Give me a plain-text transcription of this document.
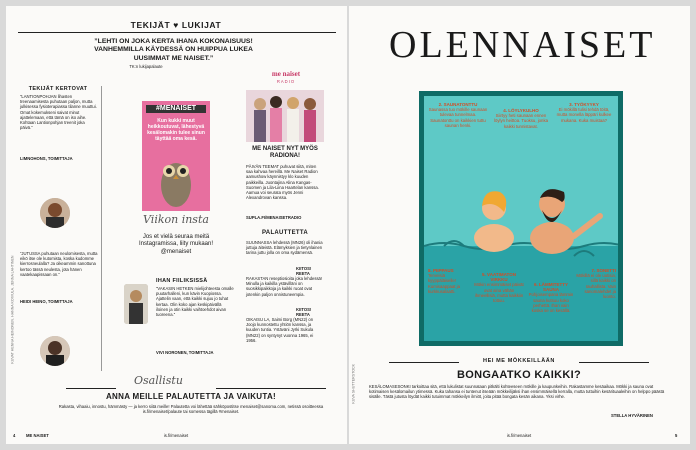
TEKIJÄT ♥ LUKIJAT
”LEHTI ON JOKA KERTA IHANA KOKONAISUUS! VANHEMMILLA KÄYDESSÄ ON HUIPPUA LUKEA UUSIMMAT ME NAISET.”
TK:n lukijapalaute
TEKIJÄT KERTOVAT
”LANTIONPOHJAN lihasten treenaamisesta puhutaan paljon, mutta julkisessa fysioterapiassa tilanne muuttui. Omat kokemukseni saivat minut ajattelemaan, että tämä on iso aihe. Kohtaan Lantionpohjan treenit joka päivä.”
LIMNOHONS, TOIMITTAJA
”JUTUSSA puhutaan neulomisesta, mutta eikö itse ole kutomista, koska kudomme kierrosneulalla? Ja oikeammin sanottuna kertoo tässä neulesta, jota hänen vaatekaapissaan on.”
HEIDI HEINO, TOIMITTAJA
#MENAISET
Kun kukki muut heikkoutuvat, lähestyvä kesälomakin tulee sinun täyttää oma kesä.
Viikon insta
Jos et vielä seuraa meitä Instagramissa, liity mukaan! @menaiset
IHAN FIILIKSISSÄ
”VAKASIN HETKEN mielijohteesta omalle puutarhalleni, kun kävin Kuopiossa. Ajattelin vaan, että kaikki sujuu jo tuhat kertaa. Olin koko ajan keskipäivällä iloinen ja otin kaikki vaihtoehdot aivan tuoreena.”
VIVI NORONEN, TOIMITTAJA
me naiset
RADIO
ME NAISET NYT MYÖS RADIONA!
PÄIVÄN TEEMAT puhuvat siitä, miten saa kahvaa hereillä. Me Naiset Radion aamushow käynnistyy klo kuuden paikkeilla. Juontajina Alina Kangas-Suomen ja Lila-Liina Haartelan kanssa. Aamua voi seurata myös Jenni Alexandrovan kanssa.
SUPLA.FI/MENAISETRADIO
PALAUTTETTA
SUUNNASSA lehdessä (MN26) oli ihania juttuja äiteistä. Elämyksien ja tietynlainen tarina juttu jolla on oma sydämensä.
KIITOS! REETA
RAKASTAN reseptiosioita joka lehdessä! Minulla ja kaikilla ystävilläni on suosikkipaikkoja ja kaikki ruoat ovat jotenkin paljon onnistuneempia.
KIITOS! REETA
OIKAISU LA, Saimi Borg (MN22) on Joojo kunnostettu yhtiön kanssa, ja kuuden tuntia. Ystäväni Jyrki Sukula (MN22) on syntynyt vuonna 1965, ei 1956.
Osallistu
ANNA MEILLE PALAUTETTA JA VAIKUTA!
Rakasta, vihaaiu, innostu, hämmästy — ja kerro siitä meille! Palautetta voi lähettää sähköpostitse menaiset@sanoma.com, netissä osoitteessa is.fi/menaiset/palaute tai somessa tägillä #menaiset.
KUVAT HENNA HEINONEN, HANNA KOIVULA, JENNA LAHTINEN
4	ME NAISET	is.fi/menaiset
OLENNAISET
2. SAUNATONTTU
Saunassa tuo mökille saunaan tulevaa tunnelmaa. Saunatonttu on kaikkien tuttu saunan henki.
4. LÖYLYKULHO
Siirtyy heti saunaan ennen löylyn heittoa. Tuoksu, jonka kaikki tunnistavat.
3. TYÖKYYKY
Ei mökillä tulisi tehdä töitä, mutta monella läppäri kulkee mukana. Kuka muistaa?
8. PIIPPAUS
Terveisiä kyyppäläiselle! Kumisaappaat ja kurkkusalaatti.
5. VAATIMATON VIRKKU
Mökin ensimmäiset päivät ovat aina vähän ihmeellisiä, mutta kaikkiin tottuu.
6. LÄMMITETTY SAUNA
Pohjoisempana lämmin sauna kutsuu koko perhettä. Ihan vain koska se on kesällä.
7. SONETTI
Mökillä ei ole uutisia, sillä kaikki on rauhallista. Vain sanomalehdet ja luonto.
HEI ME MÖKKEILLÄÄN
BONGAATKO KAIKKI?
KESÄLOMASESONKI tarkoittaa sitä, että lukulistat suunnataan pitkälti kohteeseen mökille ja kaupunkeihin. Rakastamme kesäaikaa. Mökki ja sauna ovat kotimaisen kesälomailun ytimessä. Kuka tahansa ei tuntenut itseään mökkeilijäksi ihan ensimmäisellä kerralla, mutta tuttuihin kesärituaaleihin on helppo päästä sisälle. Tästä jutusta löydät kaikki tutuimmat mökkeilyn ilmiöt, joita pitää bongata kesän aikana. Yksi virhe.
STELLA HYVÄRINEN
KUVA SHUTTERSTOCK
is.fi/menaiset	5
